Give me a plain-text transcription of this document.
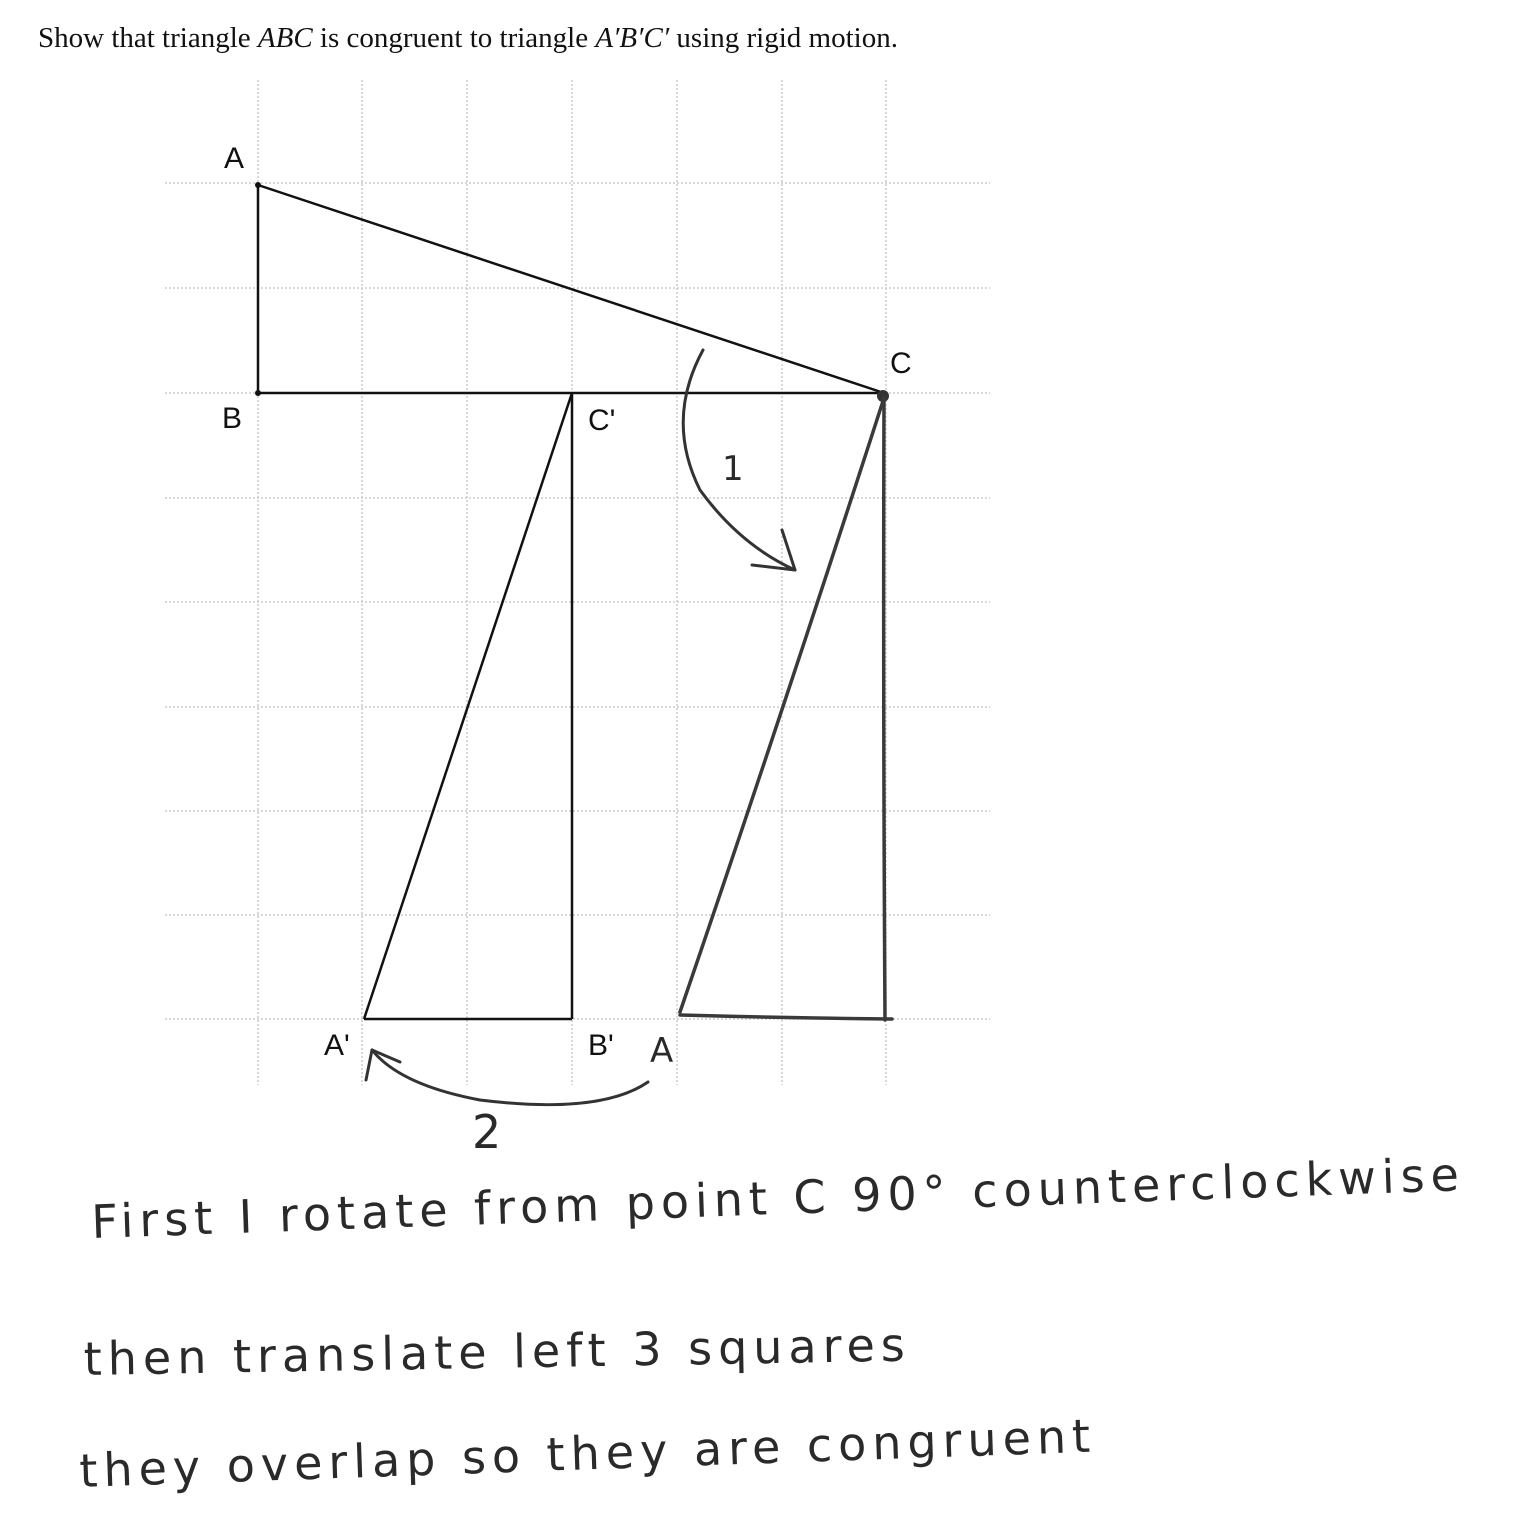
Show that triangle ABC is congruent to triangle A′B′C′ using rigid motion.
1
2
A
B
C
C'
A'	B' A
First I rotate from point C 90° counterclockwise
then translate left 3 squares
they overlap so they are congruent
